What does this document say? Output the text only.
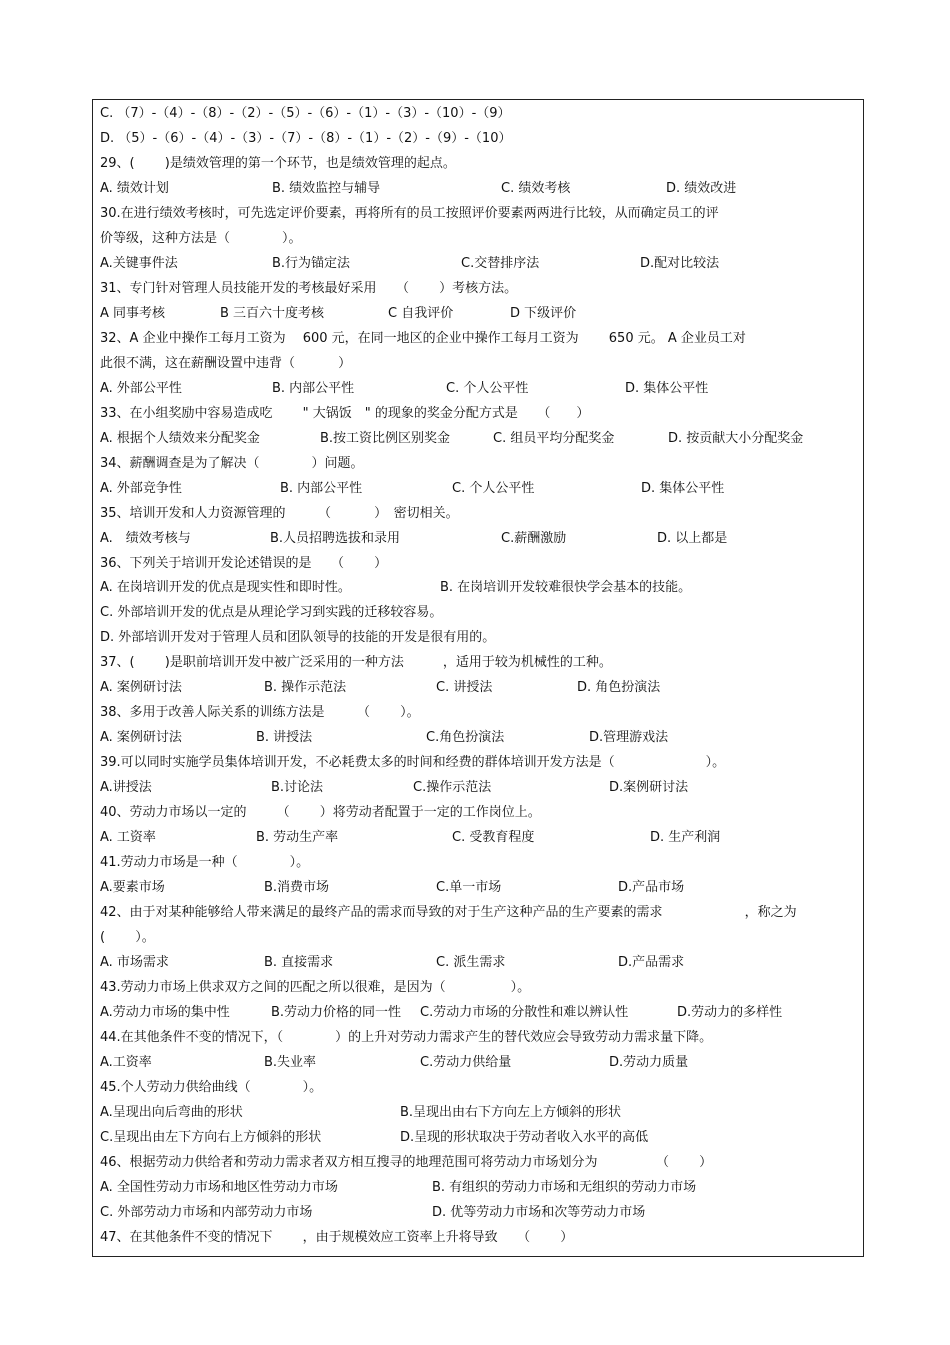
C. （7）-（4）-（8）-（2）-（5）-（6）-（1）-（3）-（10）-（9）
D. （5）-（6）-（4）-（3）-（7）-（8）-（1）-（2）-（9）-（10）
29、(　　 )是绩效管理的第一个环节，也是绩效管理的起点。
A. 绩效计划	B. 绩效监控与辅导	C. 绩效考核	D. 绩效改进
30.在进行绩效考核时，可先选定评价要素，再将所有的员工按照评价要素两两进行比较，从而确定员工的评
价等级，这种方法是（　　　　）。
A.关键事件法	B.行为锚定法	C.交替排序法	D.配对比较法
31、专门针对管理人员技能开发的考核最好采用　　（　　 ）考核方法。
A 同事考核	B 三百六十度考核	C 自我评价	D 下级评价
32、A 企业中操作工每月工资为　 600 元，在同一地区的企业中操作工每月工资为　　 650 元。 A 企业员工对
此很不满，这在薪酬设置中违背（　　　 ）
A. 外部公平性	B. 内部公平性	C. 个人公平性	D. 集体公平性
33、在小组奖励中容易造成吃　　 " 大锅饭　" 的现象的奖金分配方式是　　（　　）
A. 根据个人绩效来分配奖金	B.按工资比例区别奖金	C. 组员平均分配奖金	D. 按贡献大小分配奖金
34、薪酬调查是为了解决（　　　　）问题。
A. 外部竞争性	B. 内部公平性	C. 个人公平性	D. 集体公平性
35、培训开发和人力资源管理的　　　（　　　 ）　密切相关。
A.　绩效考核与	B.人员招聘选拔和录用	C.薪酬激励	D. 以上都是
36、下列关于培训开发论述错误的是　　（　　 ）
A. 在岗培训开发的优点是现实性和即时性。	B. 在岗培训开发较难很快学会基本的技能。
C. 外部培训开发的优点是从理论学习到实践的迁移较容易。
D. 外部培训开发对于管理人员和团队领导的技能的开发是很有用的。
37、(　　 )是职前培训开发中被广泛采用的一种方法　　　，适用于较为机械性的工种。
A. 案例研讨法	B. 操作示范法	C. 讲授法	D. 角色扮演法
38、多用于改善人际关系的训练方法是　　　（　　 ）。
A. 案例研讨法	B. 讲授法	C.角色扮演法	D.管理游戏法
39.可以同时实施学员集体培训开发，不必耗费太多的时间和经费的群体培训开发方法是（　　　　　　　）。
A.讲授法	B.讨论法	C.操作示范法	D.案例研讨法
40、劳动力市场以一定的　　 （　　 ）将劳动者配置于一定的工作岗位上。
A. 工资率	B. 劳动生产率	C. 受教育程度	D. 生产利润
41.劳动力市场是一种（　　　　）。
A.要素市场	B.消费市场	C.单一市场	D.产品市场
42、由于对某种能够给人带来满足的最终产品的需求而导致的对于生产这种产品的生产要素的需求　　　　　　 ，称之为
(　　 ）。
A. 市场需求	B. 直接需求	C. 派生需求	D.产品需求
43.劳动力市场上供求双方之间的匹配之所以很难，是因为（　　　　　）。
A.劳动力市场的集中性	B.劳动力价格的同一性 C.劳动力市场的分散性和难以辨认性	D.劳动力的多样性
44.在其他条件不变的情况下，（　　　　）的上升对劳动力需求产生的替代效应会导致劳动力需求量下降。
A.工资率	B.失业率	C.劳动力供给量	D.劳动力质量
45.个人劳动力供给曲线（　　　　）。
A.呈现出向后弯曲的形状	B.呈现出由右下方向左上方倾斜的形状
C.呈现出由左下方向右上方倾斜的形状	D.呈现的形状取决于劳动者收入水平的高低
46、根据劳动力供给者和劳动力需求者双方相互搜寻的地理范围可将劳动力市场划分为　　　　　（　　 ）
A. 全国性劳动力市场和地区性劳动力市场	B. 有组织的劳动力市场和无组织的劳动力市场
C. 外部劳动力市场和内部劳动力市场	D. 优等劳动力市场和次等劳动力市场
47、在其他条件不变的情况下　　 ，由于规模效应工资率上升将导致　　（　　 ）
